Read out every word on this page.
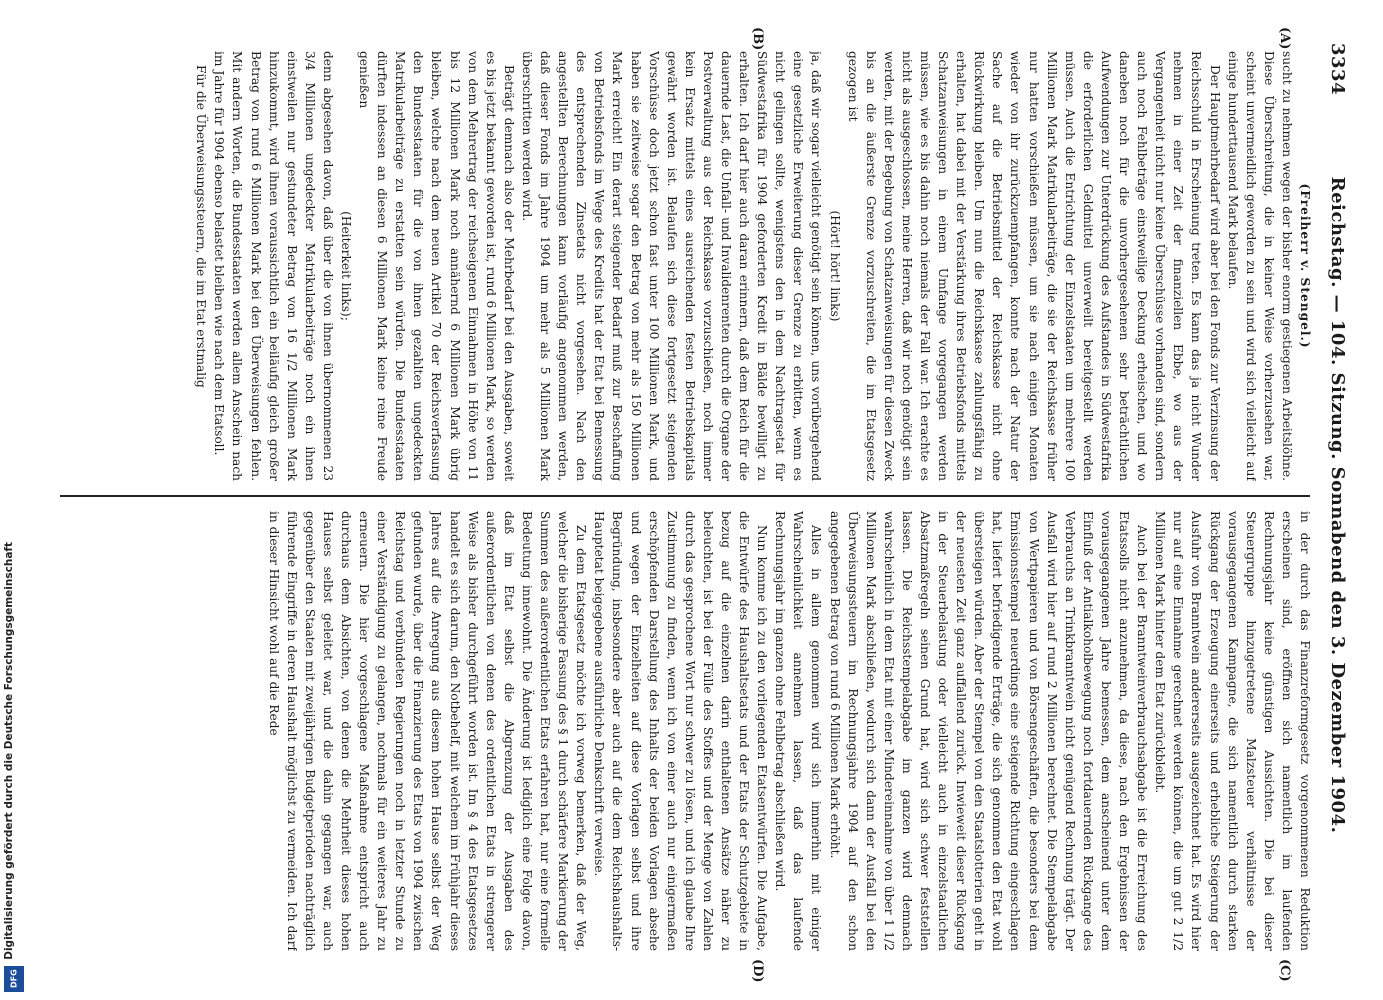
3334
Reichstag. — 104. Sitzung. Sonnabend den 3. Dezember 1904.
(A)
(B)
(C)
(D)

(Freiherr v. Stengel.)

sucht zu nehmen wegen der bisher enorm gestiegenen Arbeitslöhne. Diese Überschreitung, die in keiner Weise vorherzusehen war, scheint unvermeidlich geworden zu sein und wird sich vielleicht auf einige hunderttausend Mark belaufen.

Der Hauptmehrbedarf wird aber bei den Fonds zur Verzinsung der Reichsschuld in Erscheinung treten. Es kann das ja nicht Wunder nehmen in einer Zeit der finanziellen Ebbe, wo aus der Vergangenheit nicht nur keine Überschüsse vorhanden sind, sondern auch noch Fehlbeträge einstweilige Deckung erheischen, und wo daneben noch für die unvorhergesehenen sehr beträchtlichen Aufwendungen zur Unterdrückung des Aufstandes in Südwestafrika die erforderlichen Geldmittel unverweilt bereitgestellt werden müssen. Auch die Entrichtung der Einzelstaaten um mehrere 100 Millionen Mark Matrikularbeiträge, die sie der Reichskasse früher nur hatten vorschießen müssen, um sie nach einigen Monaten wieder von ihr zurückzuempfangen, konnte nach der Natur der Sache auf die Betriebsmittel der Reichskasse nicht ohne Rückwirkung bleiben. Um nun die Reichskasse zahlungsfähig zu erhalten, hat dabei mit der Verstärkung ihres Betriebsfonds mittels Schatzanweisungen in einem Umfange vorgegangen werden müssen, wie es bis dahin noch niemals der Fall war. Ich erachte es nicht als ausgeschlossen, meine Herren, daß wir noch genötigt sein werden, mit der Begebung von Schatzanweisungen für diesen Zweck bis an die äußerste Grenze vorzuschreiten, die im Etatsgesetz gezogen ist

(Hört! hört! links)

ja, daß wir sogar vielleicht genötigt sein können, uns vorübergehend eine gesetzliche Erweiterung dieser Grenze zu erbitten, wenn es nicht gelingen sollte, wenigstens den in dem Nachtragsetat für Südwestafrika für 1904 geforderten Kredit in Bälde bewilligt zu erhalten. Ich darf hier auch daran erinnern, daß dem Reich für die dauernde Last, die Unfall- und Invalidenrenten durch die Organe der Postverwaltung aus der Reichskasse vorzuschießen, noch immer kein Ersatz mittels eines ausreichenden festen Betriebskapitals gewährt worden ist. Belaufen sich diese fortgesetzt steigenden Vorschüsse doch jetzt schon fast unter 100 Millionen Mark, und haben sie zeitweise sogar den Betrag von mehr als 150 Millionen Mark erreicht! Ein derart steigender Bedarf muß zur Beschaffung von Betriebsfonds im Wege des Kredits hat der Etat bei Bemessung des entsprechenden Zinsetats nicht vorgesehen. Nach den angestellten Berechnungen kann vorläufig angenommen werden, daß dieser Fonds im Jahre 1904 um mehr als 5 Millionen Mark überschritten werden wird.

Beträgt demnach also der Mehrbedarf bei den Ausgaben, soweit es bis jetzt bekannt geworden ist, rund 6 Millionen Mark, so werden von dem Mehrertrag der reichseigenen Einnahmen in Höhe von 11 bis 12 Millionen Mark noch annähernd 6 Millionen Mark übrig bleiben, welche nach dem neuen Artikel 70 der Reichsverfassung den Bundesstaaten für die von ihnen gezahlten ungedeckten Matrikularbeiträge zu erstatten sein würden. Die Bundesstaaten dürften indessen an diesen 6 Millionen Mark keine reine Freude genießen

(Heiterkeit links);

denn abgesehen davon, daß über die von ihnen übernommenen 23 3/4 Millionen ungedeckter Matrikularbeiträge noch ein ihnen einstweilen nur gestundeter Betrag von 16 1/2 Millionen Mark hinzukommt, wird ihnen voraussichtlich ein beiläufig gleich großer Betrag von rund 6 Millionen Mark bei den Überweisungen fehlen. Mit andern Worten, die Bundesstaaten werden allem Anschein nach im Jahre für 1904 ebenso belastet bleiben wie nach dem Etatsoll.

Für die Überweisungssteuern, die im Etat erstmalig

in der durch das Finanzreformgesetz vorgenommenen Reduktion erscheinen sind, eröffnen sich namentlich im laufenden Rechnungsjahr keine günstigen Aussichten. Die bei dieser Steuergruppe hinzugetretene Malzsteuer verhältnisse der vorausgegangenen Kampagne, die sich namentlich durch starken Rückgang der Erzeugung einerseits und erhebliche Steigerung der Ausfuhr von Branntwein andererseits ausgezeichnet hat. Es wird hier nur auf eine Einnahme gerechnet werden können, die um gut 2 1/2 Millionen Mark hinter dem Etat zurückbleibt.

Auch bei der Branntweinverbrauchsabgabe ist die Erreichung des Etatssolls nicht anzunehmen, da diese, nach den Ergebnissen der vorausgegangenen Jahre bemessen, dem anscheinend unter dem Einfluß der Antialkoholbewegung noch fortdauernden Rückgange des Verbrauchs an Trinkbranntwein nicht genügend Rechnung trägt. Der Ausfall wird hier auf rund 2 Millionen berechnet. Die Stempelabgabe von Wertpapieren und von Börsengeschäften, die besonders bei dem Emissionsstempel neuerdings eine steigende Richtung eingeschlagen hat, liefert befriedigende Erträge, die sich genommen den Etat wohl übersteigen würden. Aber der Stempel von den Staatslotterien geht in der neuesten Zeit ganz auffallend zurück. Inwieweit dieser Rückgang in der Steuerbelastung oder vielleicht auch in einzelstaatlichen Absatzmaßregeln seinen Grund hat, wird sich schwer feststellen lassen. Die Reichsstempelabgabe im ganzen wird demnach wahrscheinlich in dem Etat mit einer Mindereinnahme von über 1 1/2 Millionen Mark abschließen, wodurch sich dann der Ausfall bei den Überweisungssteuern im Rechnungsjahre 1904 auf den schon angegebenen Betrag von rund 6 Millionen Mark erhöht.

Alles in allem genommen wird sich immerhin mit einiger Wahrscheinlichkeit annehmen lassen, daß das laufende Rechnungsjahr im ganzen ohne Fehlbetrag abschließen wird.

Nun komme ich zu den vorliegenden Etatsentwürfen. Die Aufgabe, die Entwürfe des Haushaltsetats und der Etats der Schutzgebiete in bezug auf die einzelnen darin enthaltenen Ansätze näher zu beleuchten, ist bei der Fülle des Stoffes und der Menge von Zahlen durch das gesprochene Wort nur schwer zu lösen, und ich glaube Ihre Zustimmung zu finden, wenn ich von einer auch nur einigermaßen erschöpfenden Darstellung des Inhalts der beiden Vorlagen absehe und wegen der Einzelheiten auf diese Vorlagen selbst und ihre Begründung, insbesondere aber auch auf die dem Reichshaushalts-Hauptetat beigegebene ausführliche Denkschrift verweise.

Zu dem Etatsgesetz möchte ich vorweg bemerken, daß der Weg, welcher die bisherige Fassung des § 1 durch schärfere Markierung der Summen des außerordentlichen Etats erfahren hat, nur eine formelle Bedeutung innewohnt. Die Änderung ist lediglich eine Folge davon, daß im Etat selbst die Abgrenzung der Ausgaben des außerordentlichen von denen des ordentlichen Etats in strengerer Weise als bisher durchgeführt worden ist. Im § 4 des Etatsgesetzes handelt es sich darum, den Notbehelf, mit welchem im Frühjahr dieses Jahres auf die Anregung aus diesem hohen Hause selbst der Weg gefunden wurde, über die Finanzierung des Etats von 1904 zwischen Reichstag und verbündeten Regierungen noch in letzter Stunde zu einer Verständigung zu gelangen, nochmals für ein weiteres Jahr zu erneuern. Die hier vorgeschlagene Maßnahme entspricht auch durchaus dem Absichten, von denen die Mehrheit dieses hohen Hauses selbst geleitet war, und die dahin gegangen war, auch gegenüber den Staaten mit zweijährigen Budgetperioden nachträglich führende Eingriffe in deren Haushalt möglichst zu vermeiden. Ich darf in dieser Hinsicht wohl auf die Rede

Digitalisierung gefördert durch die Deutsche Forschungsgemeinschaft
DFG
